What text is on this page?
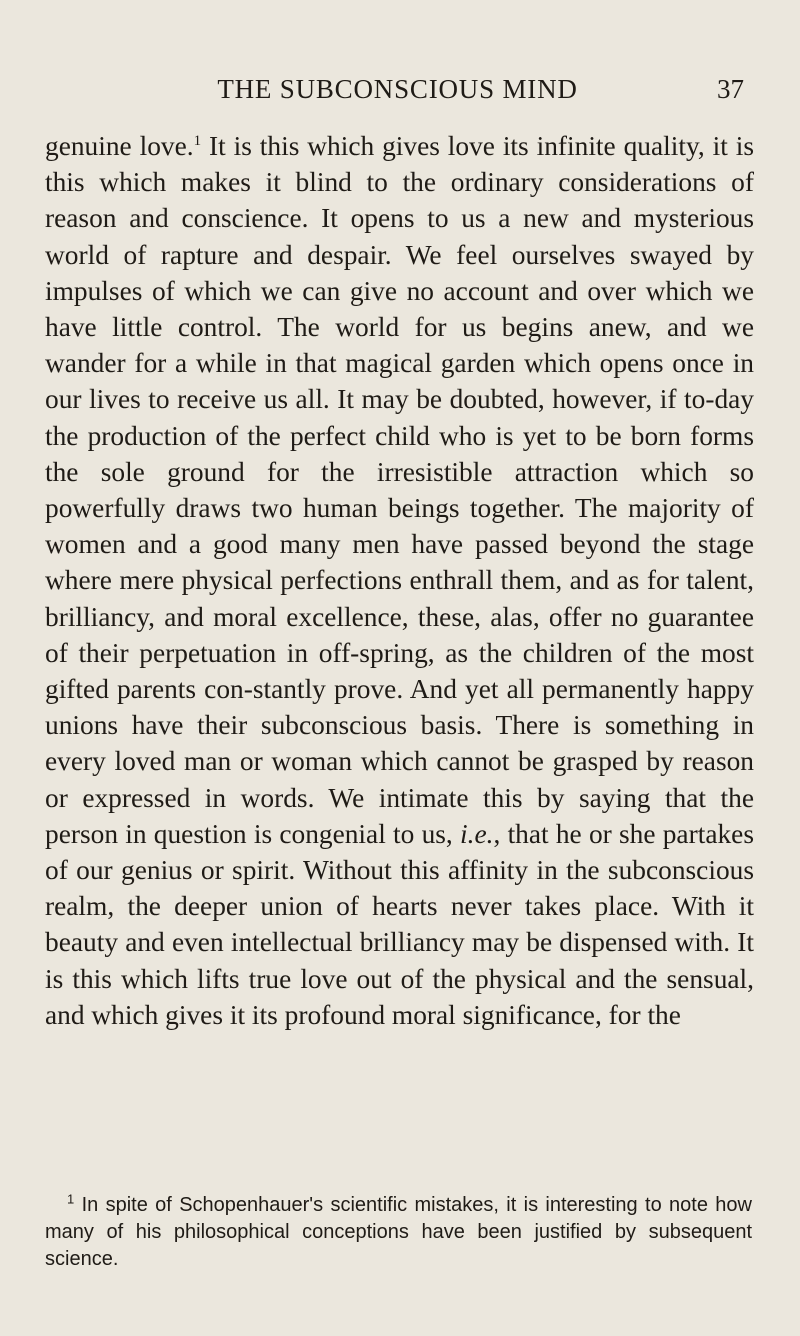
THE SUBCONSCIOUS MIND	37

genuine love.$^1$ It is this which gives love its infinite quality, it is this which makes it blind to the ordinary considerations of reason and conscience. It opens to us a new and mysterious world of rapture and despair. We feel ourselves swayed by impulses of which we can give no account and over which we have little control. The world for us begins anew, and we wander for a while in that magical garden which opens once in our lives to receive us all. It may be doubted, however, if to-day the production of the perfect child who is yet to be born forms the sole ground for the irresistible attraction which so powerfully draws two human beings together. The majority of women and a good many men have passed beyond the stage where mere physical perfections enthrall them, and as for talent, brilliancy, and moral excellence, these, alas, offer no guarantee of their perpetuation in off-spring, as the children of the most gifted parents con-stantly prove. And yet all permanently happy unions have their subconscious basis. There is something in every loved man or woman which cannot be grasped by reason or expressed in words. We intimate this by saying that the person in question is congenial to us, i.e., that he or she partakes of our genius or spirit. Without this affinity in the subconscious realm, the deeper union of hearts never takes place. With it beauty and even intellectual brilliancy may be dispensed with. It is this which lifts true love out of the physical and the sensual, and which gives it its profound moral significance, for the

$^1$ In spite of Schopenhauer's scientific mistakes, it is interesting to note how many of his philosophical conceptions have been justified by subsequent science.
